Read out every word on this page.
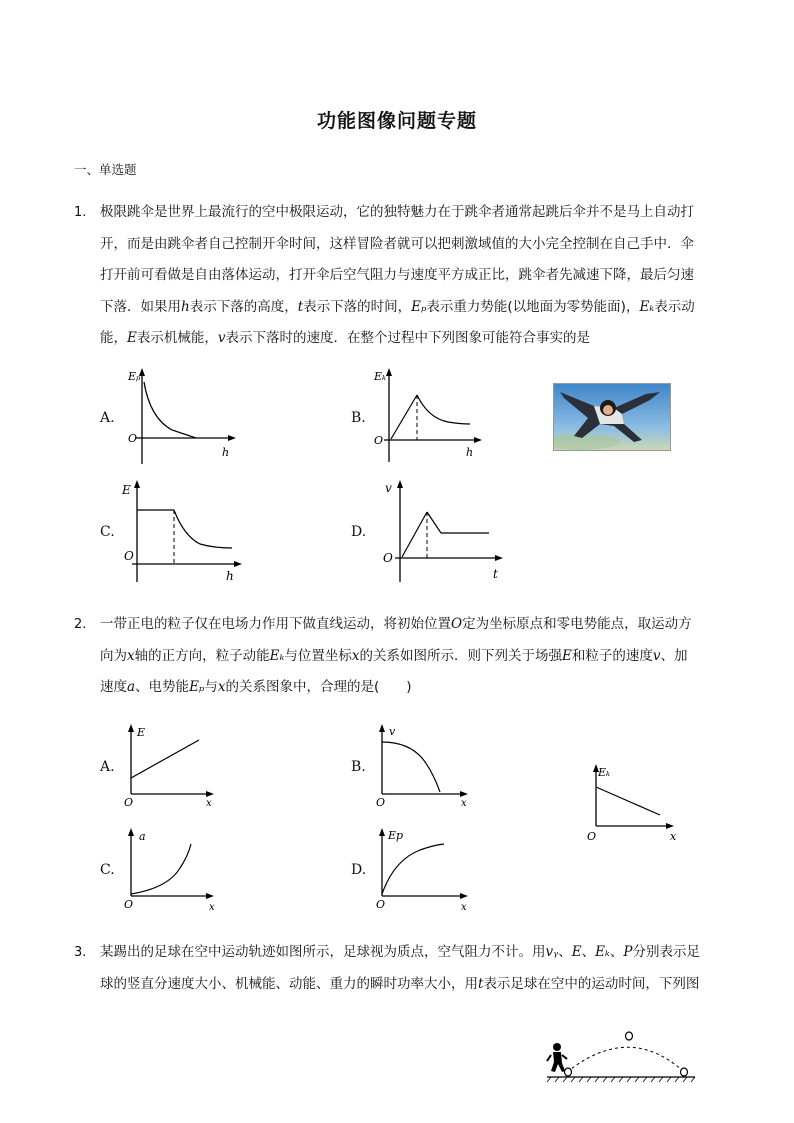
功能图像问题专题
一、单选题
1. 极限跳伞是世界上最流行的空中极限运动，它的独特魅力在于跳伞者通常起跳后伞并不是马上自动打
开，而是由跳伞者自己控制开伞时间，这样冒险者就可以把刺激域值的大小完全控制在自己手中．伞
打开前可看做是自由落体运动，打开伞后空气阻力与速度平方成正比，跳伞者先减速下降，最后匀速
下落．如果用h表示下落的高度，t表示下落的时间，Eₚ表示重力势能(以地面为零势能面)，Eₖ表示动
能，E表示机械能，v表示下落时的速度．在整个过程中下列图象可能符合事实的是
A.
Eₚ
O
h
B.
Eₖ
O
h
C.
E
O
h
D.
v
O
t
2. 一带正电的粒子仅在电场力作用下做直线运动，将初始位置O定为坐标原点和零电势能点，取运动方
向为x轴的正方向，粒子动能Eₖ与位置坐标x的关系如图所示．则下列关于场强E和粒子的速度v、加
速度a、电势能Eₚ与x的关系图象中，合理的是(　　)
A.
E
O	x
B.
v
O	x
Eₖ
O	x
C.
a
O	x
D.
Ep
O	x
3. 某踢出的足球在空中运动轨迹如图所示，足球视为质点，空气阻力不计。用vᵧ、E、Eₖ、P分别表示足
球的竖直分速度大小、机械能、动能、重力的瞬时功率大小，用t表示足球在空中的运动时间，下列图
